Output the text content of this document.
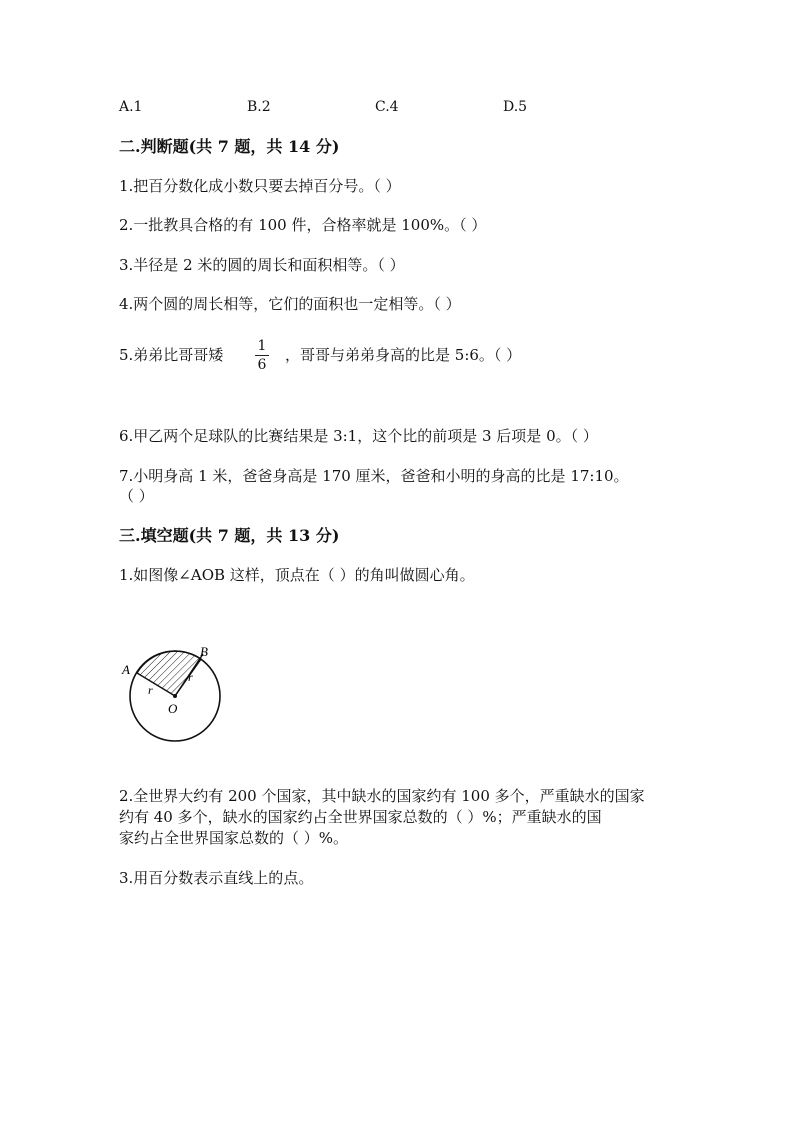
A.1	B.2	C.4	D.5
二.判断题(共 7 题，共 14 分)
1.把百分数化成小数只要去掉百分号。（ ）
2.一批教具合格的有 100 件，合格率就是 100%。（ ）
3.半径是 2 米的圆的周长和面积相等。（ ）
4.两个圆的周长相等，它们的面积也一定相等。（ ）
5.弟弟比哥哥矮 1
6
，哥哥与弟弟身高的比是 5:6。（ ）
6.甲乙两个足球队的比赛结果是 3:1，这个比的前项是 3 后项是 0。（ ）
7.小明身高 1 米，爸爸身高是 170 厘米，爸爸和小明的身高的比是 17:10。
（ ）
三.填空题(共 7 题，共 13 分)
1.如图像∠AOB 这样，顶点在（ ）的角叫做圆心角。
A
B
O
r
r
2.全世界大约有 200 个国家，其中缺水的国家约有 100 多个，严重缺水的国家
约有 40 多个，缺水的国家约占全世界国家总数的（ ）%；严重缺水的国
家约占全世界国家总数的（ ）%。
3.用百分数表示直线上的点。
